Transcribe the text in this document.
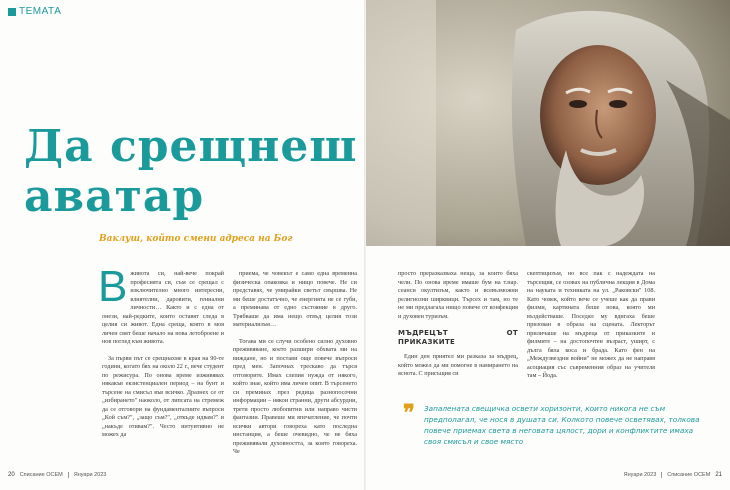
ТЕМАТА
Да срещнеш
аватар
Ваклуш, който смени адреса на Бог

Вживота си, най-вече покрай професията си, съм се срещал с изключително много интересни, влиятелни, даровити, гениални личности… Както и с една от онези, най-редките, които оставят следа в целия си живот. Една среща, която в моя личен свят беше начало на нова летоброене и нов поглед към живота.

За първи път се срещнахме в края на 90-те години, когато бях на около 22 г., вече студент по режисура. По онова време изживявах някакъв екзистенциален период – на бунт и търсене на смисъл във всичко. Дразнех се от „избирането" наоколо, от липсата на стремеж да се отговори на фундаменталните въпроси „Кой съм?", „защо съм?", „откъде идвам?" и „накъде отивам?". Често интуитивно не можех да

приема, че човекът е само една временна физическа опаковка и нищо повече. Не си представях, че умирайки светът свършва. Не ми беше достатъчно, че енергията не се губи, а преминава от едно състояние в друго. Трябваше да има нещо отвъд целия този материализъм…

Тогава ми се случи особено силно духовно преживяване, което разшири обхвата ми на виждане, но и постави още повече въпроси пред мен. Започнах трескаво да търся отговорите. Имах слепия нужда от някого, който знае, който има личен опит. В търсенето си преминах през редица разнопосочни информации – някои странни, други абсурдни, трети просто любопитни или направо чисти фантазии. Правеше ми впечатление, че почти всички автори говореха като последна инстанция, а беше очевидно, че не бяха преживявали духовността, за която говореха. Че

просто преразказваха неща, за които бяха чели. По онова време имаше бум на т.нар. сеанси окултизъм, както и всевъзможни религиозни ширквици. Търсех и там, но те не ми предлагаха нищо повече от конфекция и духовен туризъм.

МЪДРЕЦЪТ ОТ ПРИКАЗКИТЕ

Един ден приятел ми разказа за мъдрец, който можел да ми помогне в намирането на яснота. С присъщия си

скептицизъм, но все пак с надеждата на търсещия, се озовах на публична лекция в Дома на науката и техниката на ул. „Раковски" 108. Като човек, който вече се учеше как да прави филми, картината беше нова, която ми въздействаше. Поседял му вдигаха беше призован в образа на сцената. Лекторът приличаше на мъдреца от приказките и филмите – на достопочтен възраст, уширт, с дълга бяла коса и брада. Като фен на „Междузвездни войни" не можех да не направя асоциация със съвременния образ на учителя там – Йода.

❞ Запалената свещичка освети хоризонти, които никога не съм предполагал, че нося в душата си. Колкото повече осветявах, толкова повече приемах света в неговата цялост, дори и конфликтите имаха своя смисъл и свое място
20 Списание ОСЕМ Януари 2023	Януари 2023 Списание ОСЕМ 21
